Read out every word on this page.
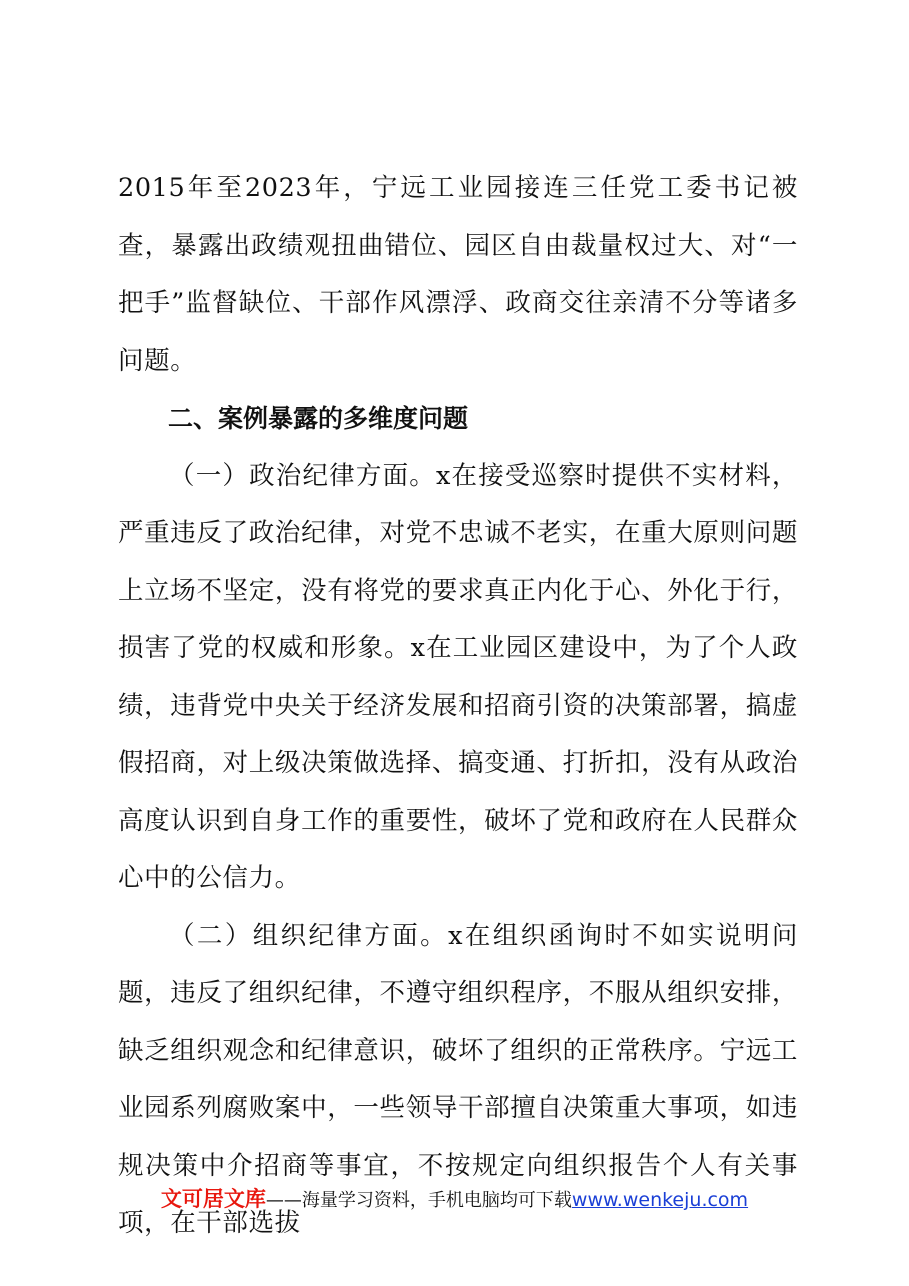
2015年至2023年，宁远工业园接连三任党工委书记被查，暴露出政绩观扭曲错位、园区自由裁量权过大、对“一把手”监督缺位、干部作风漂浮、政商交往亲清不分等诸多问题。

二、案例暴露的多维度问题

（一）政治纪律方面。x在接受巡察时提供不实材料，严重违反了政治纪律，对党不忠诚不老实，在重大原则问题上立场不坚定，没有将党的要求真正内化于心、外化于行，损害了党的权威和形象。x在工业园区建设中，为了个人政绩，违背党中央关于经济发展和招商引资的决策部署，搞虚假招商，对上级决策做选择、搞变通、打折扣，没有从政治高度认识到自身工作的重要性，破坏了党和政府在人民群众心中的公信力。

（二）组织纪律方面。x在组织函询时不如实说明问题，违反了组织纪律，不遵守组织程序，不服从组织安排，缺乏组织观念和纪律意识，破坏了组织的正常秩序。宁远工业园系列腐败案中，一些领导干部擅自决策重大事项，如违规决策中介招商等事宜，不按规定向组织报告个人有关事项，在干部选拔

文可居文库——海量学习资料，手机电脑均可下载www.wenkeju.com
